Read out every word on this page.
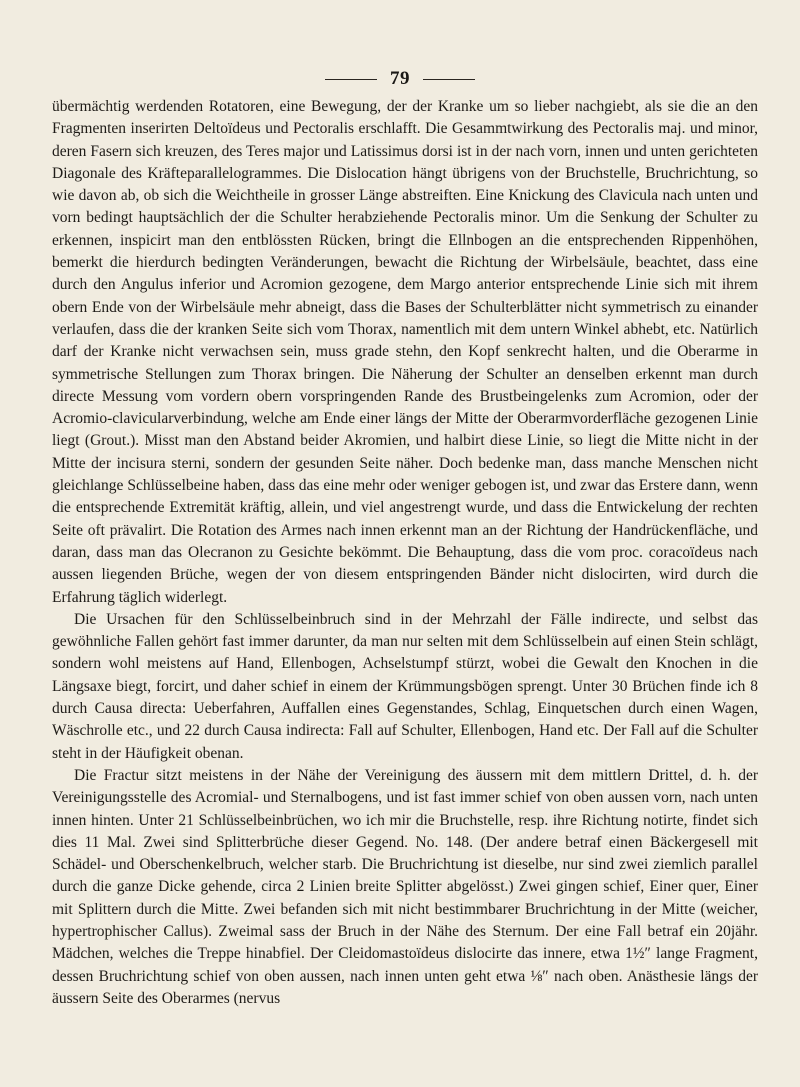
79

übermächtig werdenden Rotatoren, eine Bewegung, der der Kranke um so lieber nachgiebt, als sie die an den Fragmenten inserirten Deltoïdeus und Pectoralis erschlafft. Die Gesammtwirkung des Pectoralis maj. und minor, deren Fasern sich kreuzen, des Teres major und Latissimus dorsi ist in der nach vorn, innen und unten gerichteten Diagonale des Kräfteparallelogrammes. Die Dislocation hängt übrigens von der Bruchstelle, Bruchrichtung, so wie davon ab, ob sich die Weichtheile in grosser Länge abstreiften. Eine Knickung des Clavicula nach unten und vorn bedingt hauptsächlich der die Schulter herabziehende Pectoralis minor. Um die Senkung der Schulter zu erkennen, inspicirt man den entblössten Rücken, bringt die Ellnbogen an die entsprechenden Rippenhöhen, bemerkt die hierdurch bedingten Veränderungen, bewacht die Richtung der Wirbelsäule, beachtet, dass eine durch den Angulus inferior und Acromion gezogene, dem Margo anterior entsprechende Linie sich mit ihrem obern Ende von der Wirbelsäule mehr abneigt, dass die Bases der Schulterblätter nicht symmetrisch zu einander verlaufen, dass die der kranken Seite sich vom Thorax, namentlich mit dem untern Winkel abhebt, etc. Natürlich darf der Kranke nicht verwachsen sein, muss grade stehn, den Kopf senkrecht halten, und die Oberarme in symmetrische Stellungen zum Thorax bringen. Die Näherung der Schulter an denselben erkennt man durch directe Messung vom vordern obern vorspringenden Rande des Brustbeingelenks zum Acromion, oder der Acromio-clavicularverbindung, welche am Ende einer längs der Mitte der Oberarmvorderfläche gezogenen Linie liegt (Grout.). Misst man den Abstand beider Akromien, und halbirt diese Linie, so liegt die Mitte nicht in der Mitte der incisura sterni, sondern der gesunden Seite näher. Doch bedenke man, dass manche Menschen nicht gleichlange Schlüsselbeine haben, dass das eine mehr oder weniger gebogen ist, und zwar das Erstere dann, wenn die entsprechende Extremität kräftig, allein, und viel angestrengt wurde, und dass die Entwickelung der rechten Seite oft prävalirt. Die Rotation des Armes nach innen erkennt man an der Richtung der Handrückenfläche, und daran, dass man das Olecranon zu Gesichte bekömmt. Die Behauptung, dass die vom proc. coracoïdeus nach aussen liegenden Brüche, wegen der von diesem entspringenden Bänder nicht dislocirten, wird durch die Erfahrung täglich widerlegt.

Die Ursachen für den Schlüsselbeinbruch sind in der Mehrzahl der Fälle indirecte, und selbst das gewöhnliche Fallen gehört fast immer darunter, da man nur selten mit dem Schlüsselbein auf einen Stein schlägt, sondern wohl meistens auf Hand, Ellenbogen, Achselstumpf stürzt, wobei die Gewalt den Knochen in die Längsaxe biegt, forcirt, und daher schief in einem der Krümmungsbögen sprengt. Unter 30 Brüchen finde ich 8 durch Causa directa: Ueberfahren, Auffallen eines Gegenstandes, Schlag, Einquetschen durch einen Wagen, Wäschrolle etc., und 22 durch Causa indirecta: Fall auf Schulter, Ellenbogen, Hand etc. Der Fall auf die Schulter steht in der Häufigkeit obenan.

Die Fractur sitzt meistens in der Nähe der Vereinigung des äussern mit dem mittlern Drittel, d. h. der Vereinigungsstelle des Acromial- und Sternalbogens, und ist fast immer schief von oben aussen vorn, nach unten innen hinten. Unter 21 Schlüsselbeinbrüchen, wo ich mir die Bruchstelle, resp. ihre Richtung notirte, findet sich dies 11 Mal. Zwei sind Splitterbrüche dieser Gegend. No. 148. (Der andere betraf einen Bäckergesell mit Schädel- und Oberschenkelbruch, welcher starb. Die Bruchrichtung ist dieselbe, nur sind zwei ziemlich parallel durch die ganze Dicke gehende, circa 2 Linien breite Splitter abgelösst.) Zwei gingen schief, Einer quer, Einer mit Splittern durch die Mitte. Zwei befanden sich mit nicht bestimmbarer Bruchrichtung in der Mitte (weicher, hypertrophischer Callus). Zweimal sass der Bruch in der Nähe des Sternum. Der eine Fall betraf ein 20jähr. Mädchen, welches die Treppe hinabfiel. Der Cleidomastoïdeus dislocirte das innere, etwa 1½″ lange Fragment, dessen Bruchrichtung schief von oben aussen, nach innen unten geht etwa ⅛″ nach oben. Anästhesie längs der äussern Seite des Oberarmes (nervus
